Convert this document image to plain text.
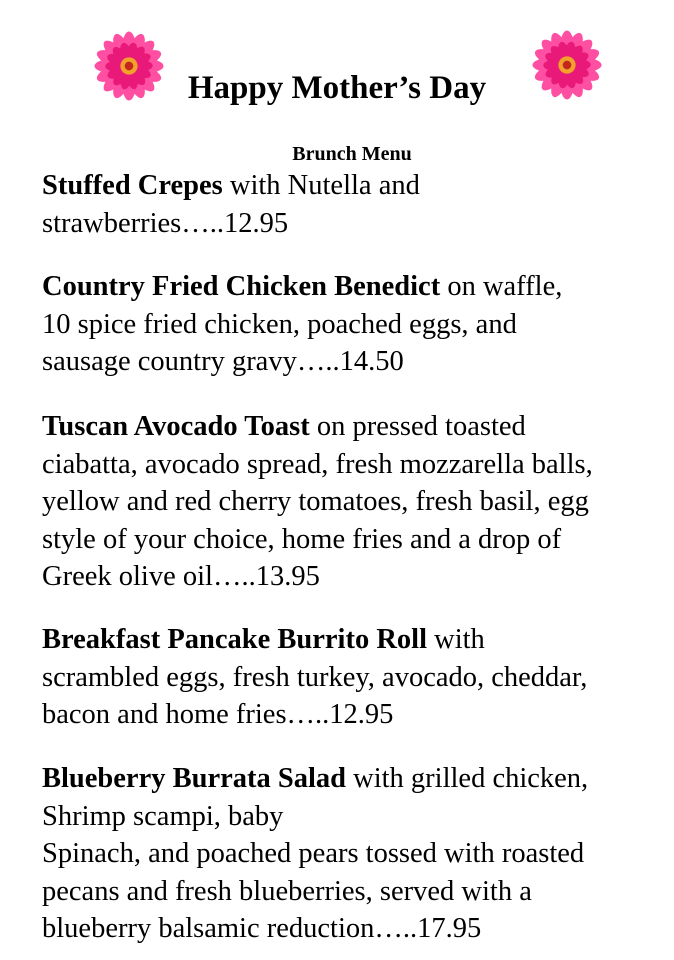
Happy Mother’s Day
Brunch Menu
Stuffed Crepes with Nutella and
strawberries…..12.95
Country Fried Chicken Benedict on waffle,
10 spice fried chicken, poached eggs, and
sausage country gravy…..14.50
Tuscan Avocado Toast on pressed toasted
ciabatta, avocado spread, fresh mozzarella balls,
yellow and red cherry tomatoes, fresh basil, egg
style of your choice, home fries and a drop of
Greek olive oil…..13.95
Breakfast Pancake Burrito Roll with
scrambled eggs, fresh turkey, avocado, cheddar,
bacon and home fries…..12.95
Blueberry Burrata Salad with grilled chicken,
Shrimp scampi, baby
Spinach, and poached pears tossed with roasted
pecans and fresh blueberries, served with a
blueberry balsamic reduction…..17.95
